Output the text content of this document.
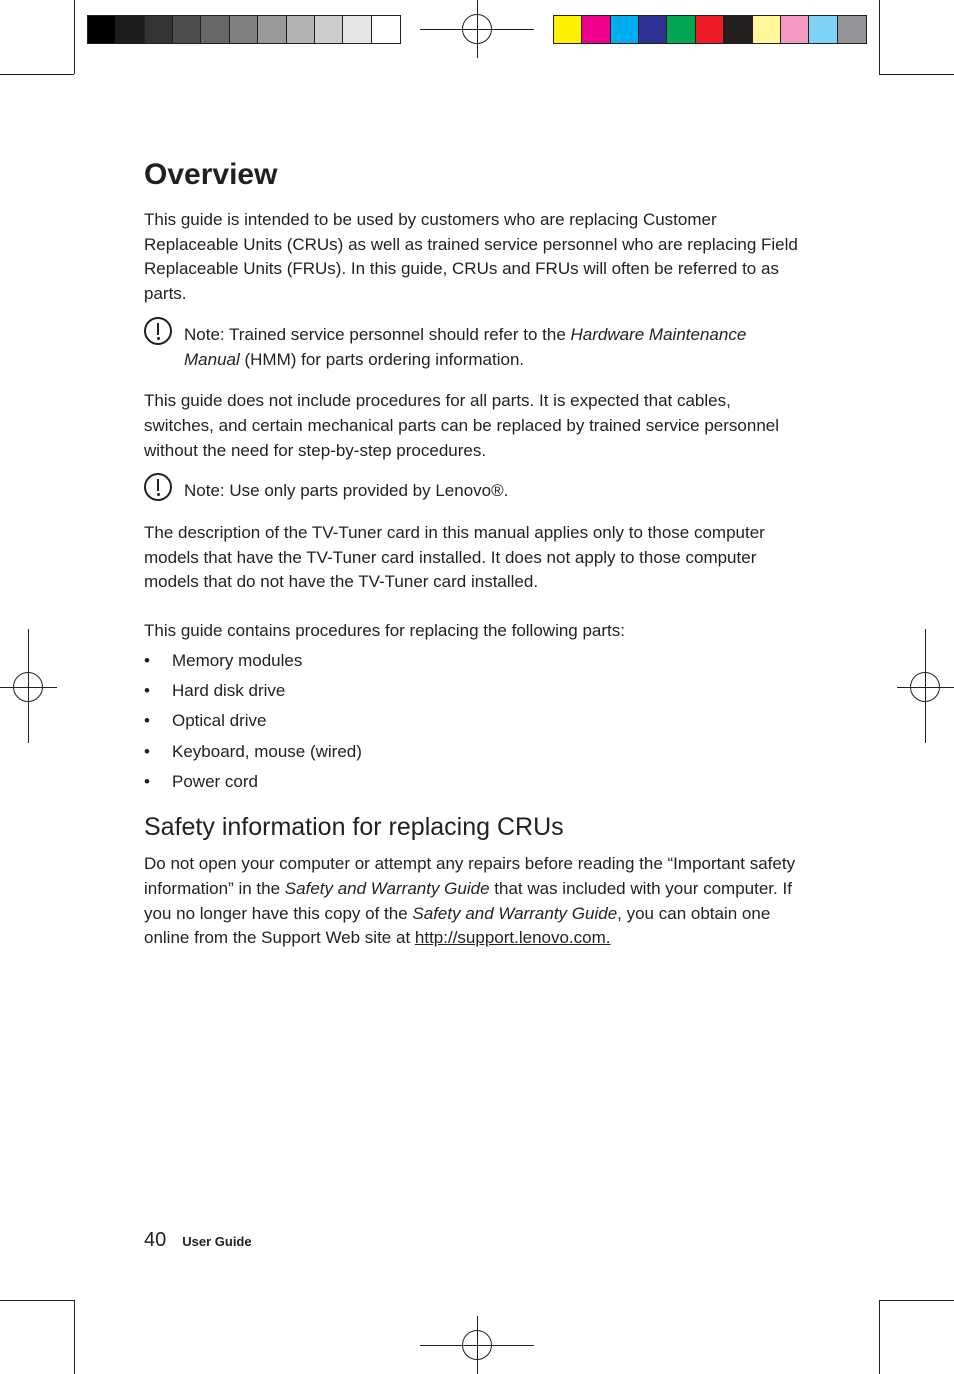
Overview

This guide is intended to be used by customers who are replacing Customer Replaceable Units (CRUs) as well as trained service personnel who are replacing Field Replaceable Units (FRUs). In this guide, CRUs and FRUs will often be referred to as parts.

Note: Trained service personnel should refer to the Hardware Maintenance Manual (HMM) for parts ordering information.

This guide does not include procedures for all parts. It is expected that cables, switches, and certain mechanical parts can be replaced by trained service personnel without the need for step-by-step procedures.

Note: Use only parts provided by Lenovo®.

The description of the TV-Tuner card in this manual applies only to those computer models that have the TV-Tuner card installed. It does not apply to those computer models that do not have the TV-Tuner card installed.

This guide contains procedures for replacing the following parts:

• Memory modules
• Hard disk drive
• Optical drive
• Keyboard, mouse (wired)
• Power cord
Safety information for replacing CRUs

Do not open your computer or attempt any repairs before reading the “Important safety information” in the Safety and Warranty Guide that was included with your computer. If you no longer have this copy of the Safety and Warranty Guide, you can obtain one online from the Support Web site at http://support.lenovo.com.

40 User Guide
